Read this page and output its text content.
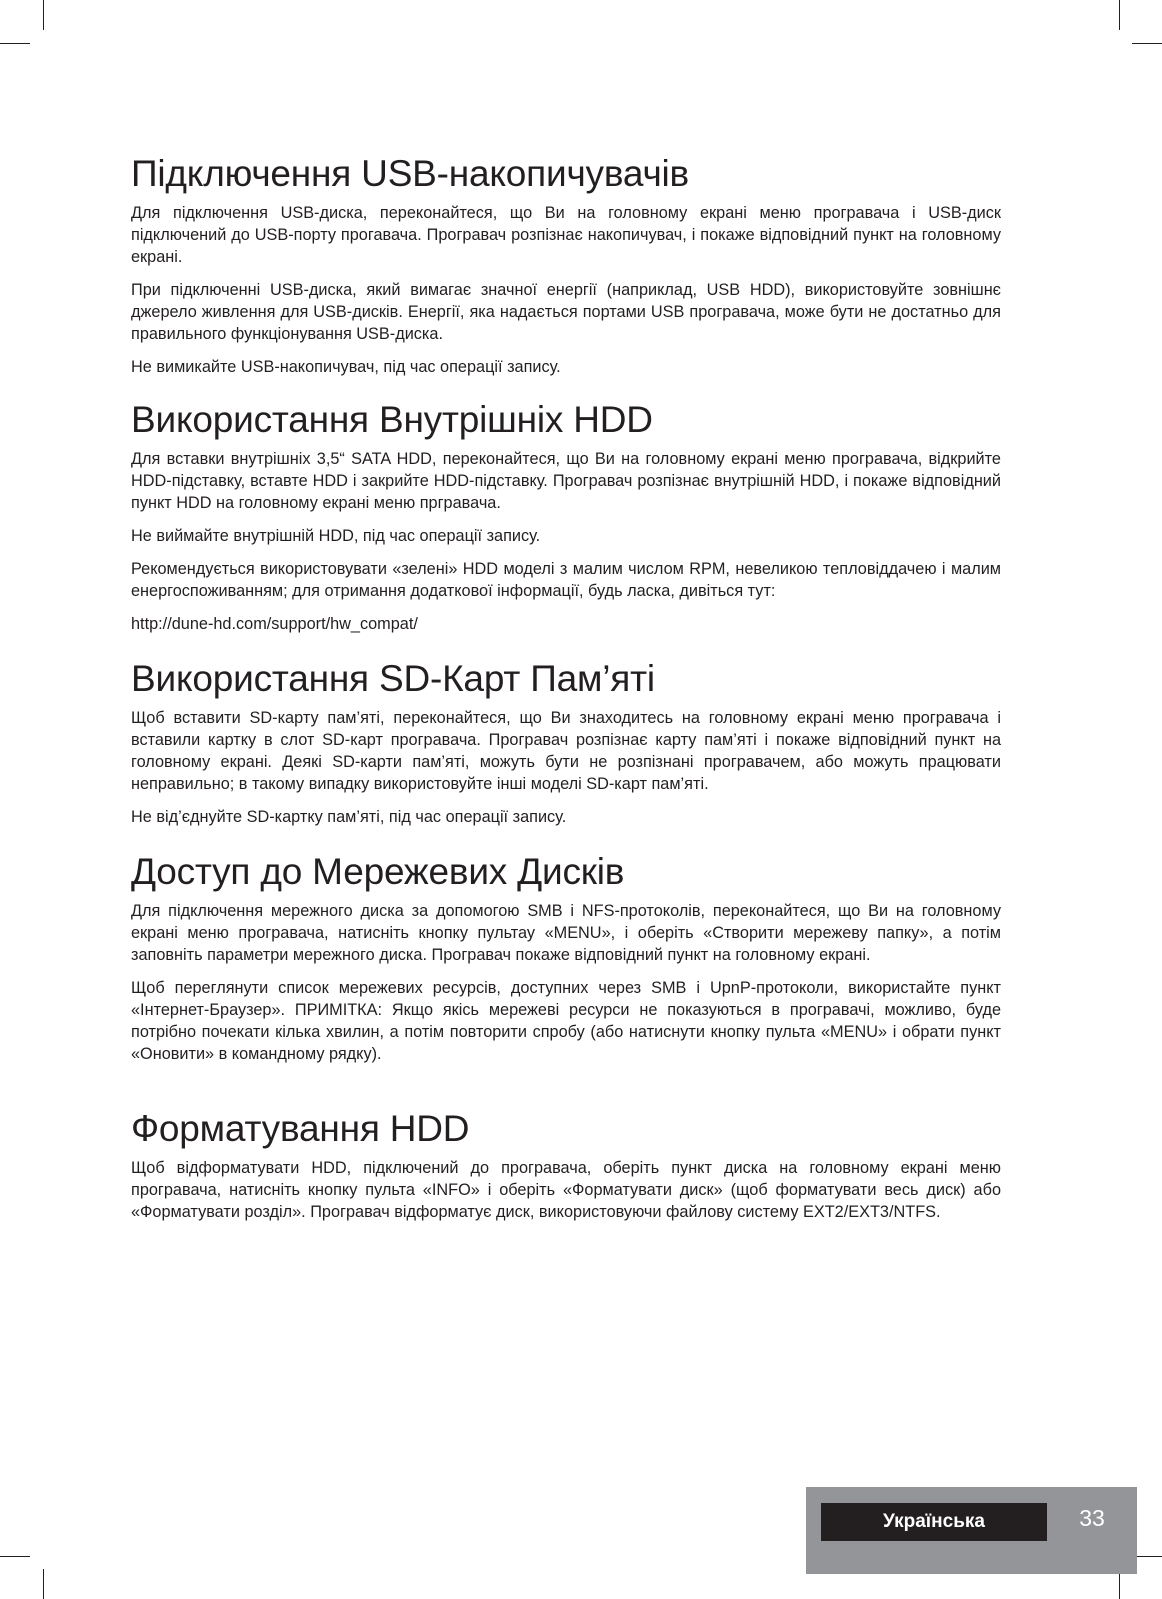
Підключення USB-накопичувачів

Для підключення USB-диска, переконайтеся, що Ви на головному екрані меню програвача і USB-диск підключений до USB-порту прогавача. Програвач розпізнає накопичувач, і покаже відповідний пункт на головному екрані.

При підключенні USB-диска, який вимагає значної енергії (наприклад, USB HDD), використовуйте зовнішнє джерело живлення для USB-дисків. Енергії, яка надається портами USB програвача, може бути не достатньо для правильного функціонування USB-диска.

Не вимикайте USB-накопичувач, під час операції запису.

Використання Внутрішніх HDD

Для вставки внутрішніх 3,5“ SATA HDD, переконайтеся, що Ви на головному екрані меню програвача, відкрийте HDD-підставку, вставте HDD і закрийте HDD-підставку. Програвач розпізнає внутрішній HDD, і покаже відповідний пункт HDD на головному екрані меню пргравача.

Не виймайте внутрішній HDD, під час операції запису.

Рекомендується використовувати «зелені» HDD моделі з малим числом RPM, невеликою тепловіддачею і малим енергоспоживанням; для отримання додаткової інформації, будь ласка, дивіться тут:

http://dune-hd.com/support/hw_compat/

Використання SD-Карт Пам’яті

Щоб вставити SD-карту пам’яті, переконайтеся, що Ви знаходитесь на головному екрані меню програвача і вставили картку в слот SD-карт програвача. Програвач розпізнає карту пам’яті і покаже відповідний пункт на головному екрані. Деякі SD-карти пам’яті, можуть бути не розпізнані програвачем, або можуть працювати неправильно; в такому випадку використовуйте інші моделі SD-карт пам’яті.

Не від’єднуйте SD-картку пам’яті, під час операції запису.

Доступ до Мережевих Дисків

Для підключення мережного диска за допомогою SMB і NFS-протоколів, переконайтеся, що Ви на головному екрані меню програвача, натисніть кнопку пультау «MENU», і оберіть «Створити мережеву папку», а потім заповніть параметри мережного диска. Програвач покаже відповідний пункт на головному екрані.

Щоб переглянути список мережевих ресурсів, доступних через SMB і UpnP-протоколи, використайте пункт «Інтернет-Браузер». ПРИМІТКА: Якщо якісь мережеві ресурси не показуються в програвачі, можливо, буде потрібно почекати кілька хвилин, а потім повторити спробу (або натиснути кнопку пульта «MENU» і обрати пункт «Оновити» в командному рядку).

Форматування HDD

Щоб відформатувати HDD, підключений до програвача, оберіть пункт диска на головному екрані меню програвача, натисніть кнопку пульта «INFO» і оберіть «Форматувати диск» (щоб форматувати весь диск) або «Форматувати розділ». Програвач відформатує диск, використовуючи файлову систему EXT2/EXT3/NTFS.

Українська	33
